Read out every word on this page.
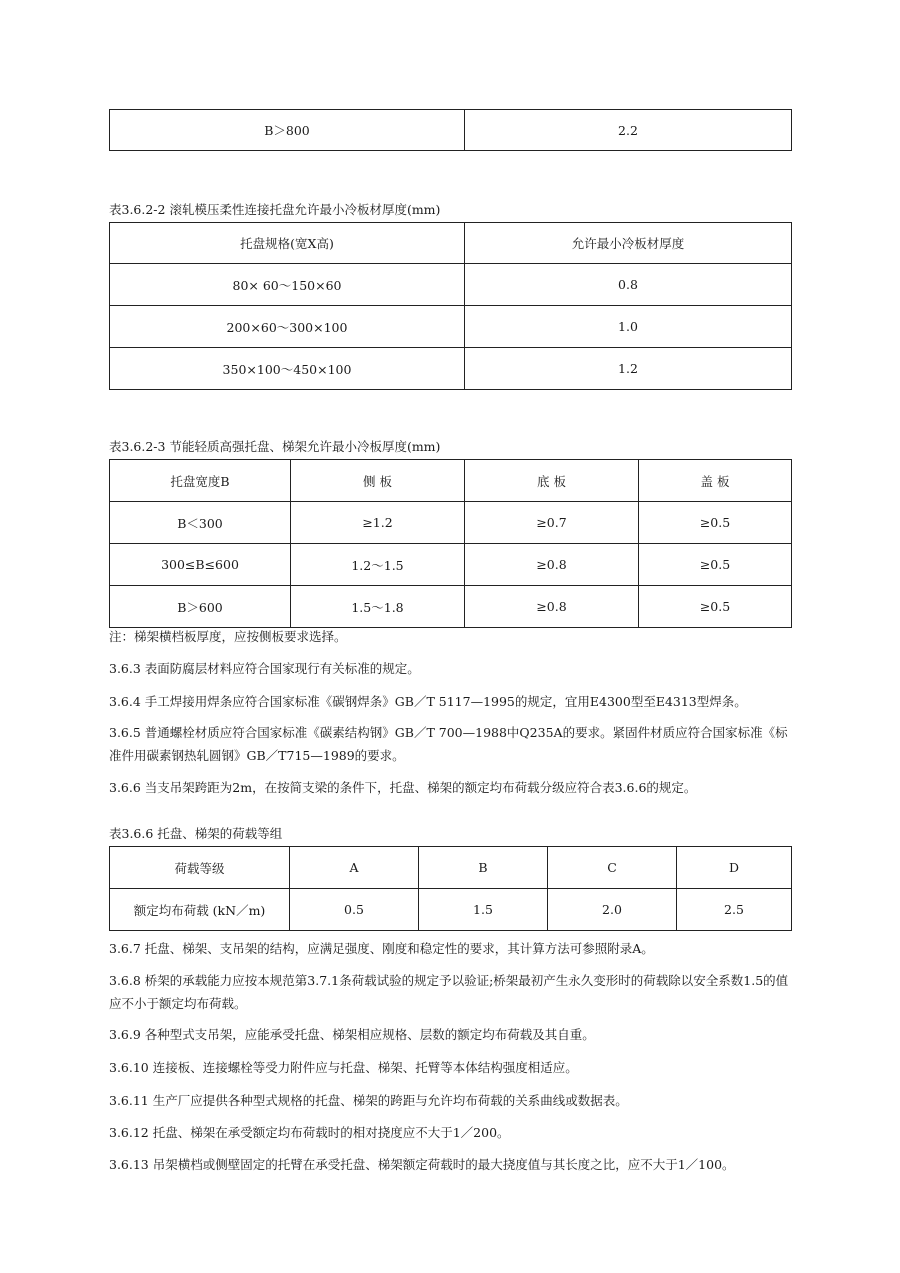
B＞800	2.2
表3.6.2-2 滚轧模压柔性连接托盘允许最小冷板材厚度(mm)
托盘规格(宽X高)	允许最小冷板材厚度
80× 60～150×60	0.8
200×60～300×100	1.0
350×100～450×100	1.2
表3.6.2-3 节能轻质高强托盘、梯架允许最小冷板厚度(mm)
托盘宽度B	侧 板	底 板	盖 板
B＜300	≥1.2	≥0.7	≥0.5
300≤B≤600	1.2～1.5	≥0.8	≥0.5
B＞600	1.5～1.8	≥0.8	≥0.5
注：梯架横档板厚度，应按侧板要求选择。
3.6.3 表面防腐层材料应符合国家现行有关标准的规定。
3.6.4 手工焊接用焊条应符合国家标准《碳钢焊条》GB／T 5117—1995的规定，宜用E4300型至E4313型焊条。
3.6.5 普通螺栓材质应符合国家标准《碳素结构钢》GB／T 700—1988中Q235A的要求。紧固件材质应符合国家标准《标准件用碳素钢热轧圆钢》GB／T715—1989的要求。
3.6.6 当支吊架跨距为2m，在按简支梁的条件下，托盘、梯架的额定均布荷载分级应符合表3.6.6的规定。
表3.6.6 托盘、梯架的荷载等组
荷载等级	A	B	C	D
额定均布荷载 (kN／m)	0.5	1.5	2.0	2.5
3.6.7 托盘、梯架、支吊架的结构，应满足强度、刚度和稳定性的要求，其计算方法可参照附录A。
3.6.8 桥架的承载能力应按本规范第3.7.1条荷载试验的规定予以验证;桥架最初产生永久变形时的荷载除以安全系数1.5的值应不小于额定均布荷载。
3.6.9 各种型式支吊架，应能承受托盘、梯架相应规格、层数的额定均布荷载及其自重。
3.6.10 连接板、连接螺栓等受力附件应与托盘、梯架、托臂等本体结构强度相适应。
3.6.11 生产厂应提供各种型式规格的托盘、梯架的跨距与允许均布荷载的关系曲线或数据表。
3.6.12 托盘、梯架在承受额定均布荷载时的相对挠度应不大于1／200。
3.6.13 吊架横档或侧壁固定的托臂在承受托盘、梯架额定荷载时的最大挠度值与其长度之比，应不大于1／100。
